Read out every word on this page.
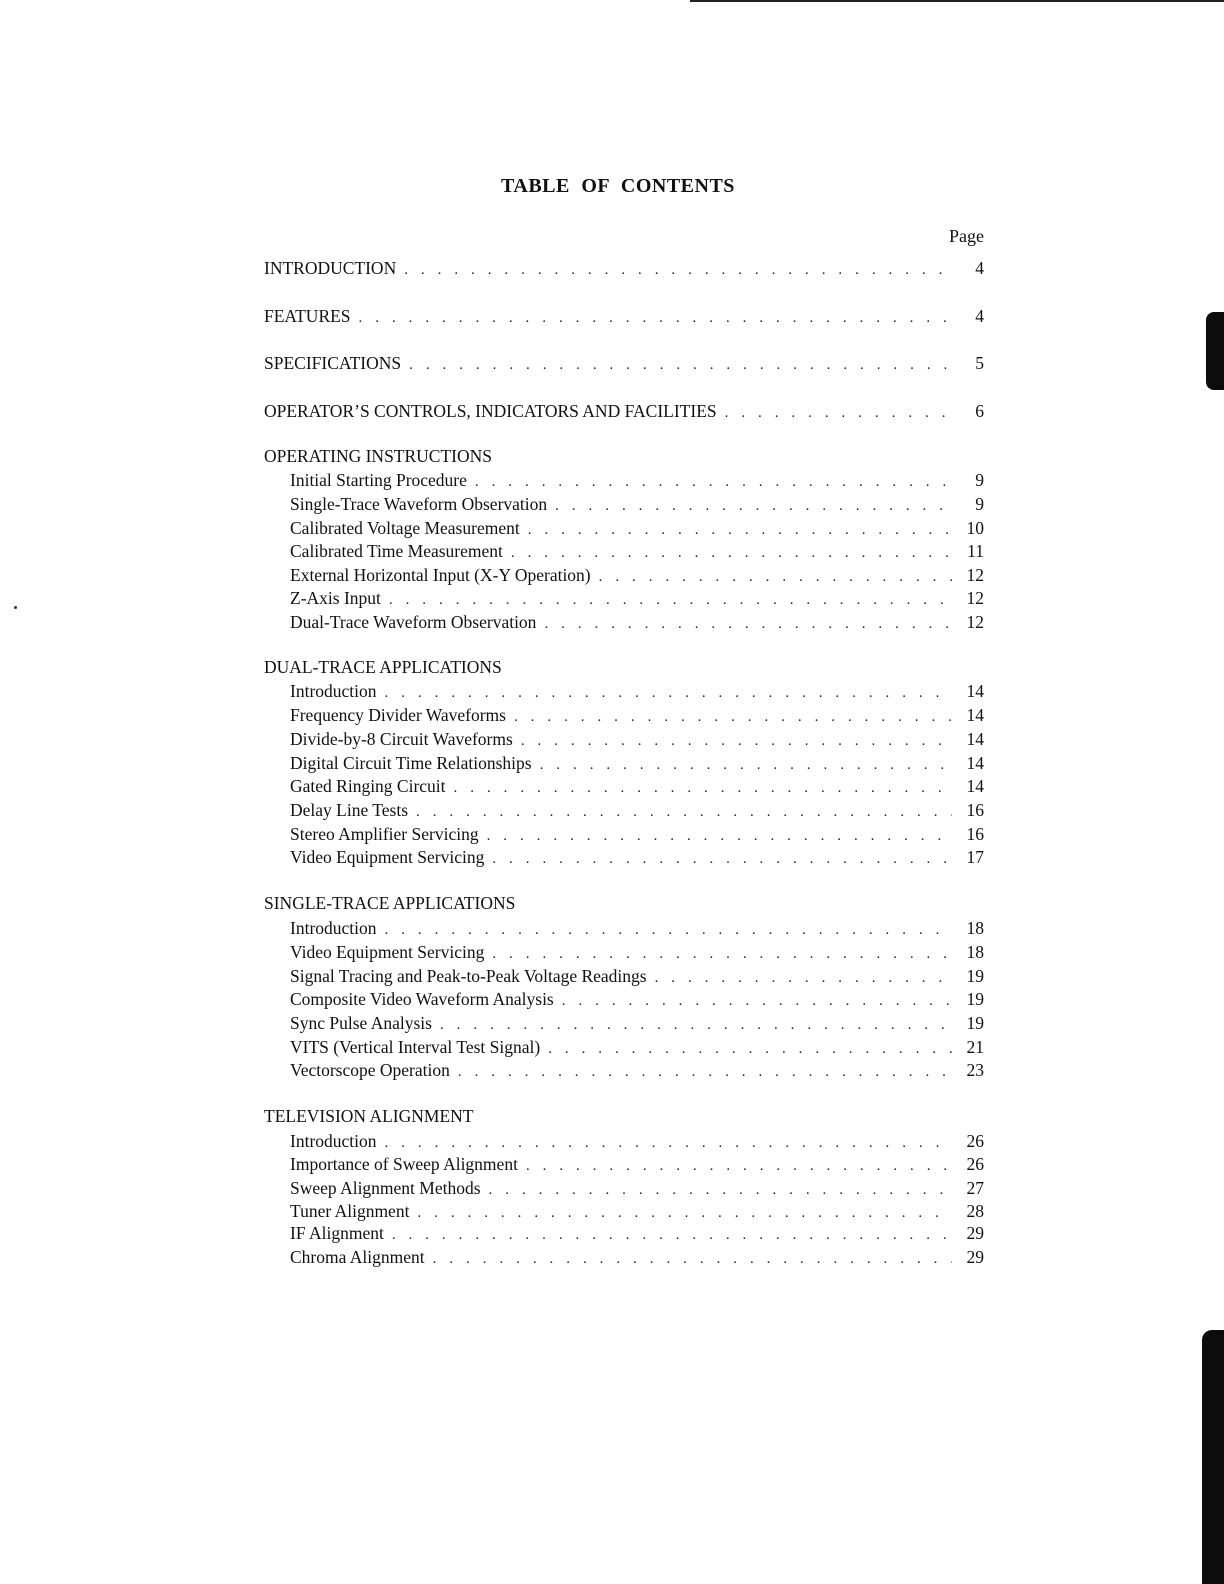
TABLE OF CONTENTS
Page
INTRODUCTION . . .	4
FEATURES . . .	4
SPECIFICATIONS . . .	5
OPERATOR’S CONTROLS, INDICATORS AND FACILITIES . . .	6
OPERATING INSTRUCTIONS
Initial Starting Procedure . . .	9
Single-Trace Waveform Observation . . .	9
Calibrated Voltage Measurement . . .	10
Calibrated Time Measurement . . .	11
External Horizontal Input (X-Y Operation) . . .	12
Z-Axis Input . . .	12
Dual-Trace Waveform Observation . . .	12
DUAL-TRACE APPLICATIONS
Introduction . . .	14
Frequency Divider Waveforms . . .	14
Divide-by-8 Circuit Waveforms . . .	14
Digital Circuit Time Relationships . . .	14
Gated Ringing Circuit . . .	14
Delay Line Tests . . .	16
Stereo Amplifier Servicing . . .	16
Video Equipment Servicing . . .	17
SINGLE-TRACE APPLICATIONS
Introduction . . .	18
Video Equipment Servicing . . .	18
Signal Tracing and Peak-to-Peak Voltage Readings . . .	19
Composite Video Waveform Analysis . . .	19
Sync Pulse Analysis . . .	19
VITS (Vertical Interval Test Signal) . . .	21
Vectorscope Operation . . .	23
TELEVISION ALIGNMENT
Introduction . . .	26
Importance of Sweep Alignment . . .	26
Sweep Alignment Methods . . .	27
Tuner Alignment . . .	28
IF Alignment . . .	29
Chroma Alignment . . .	29
